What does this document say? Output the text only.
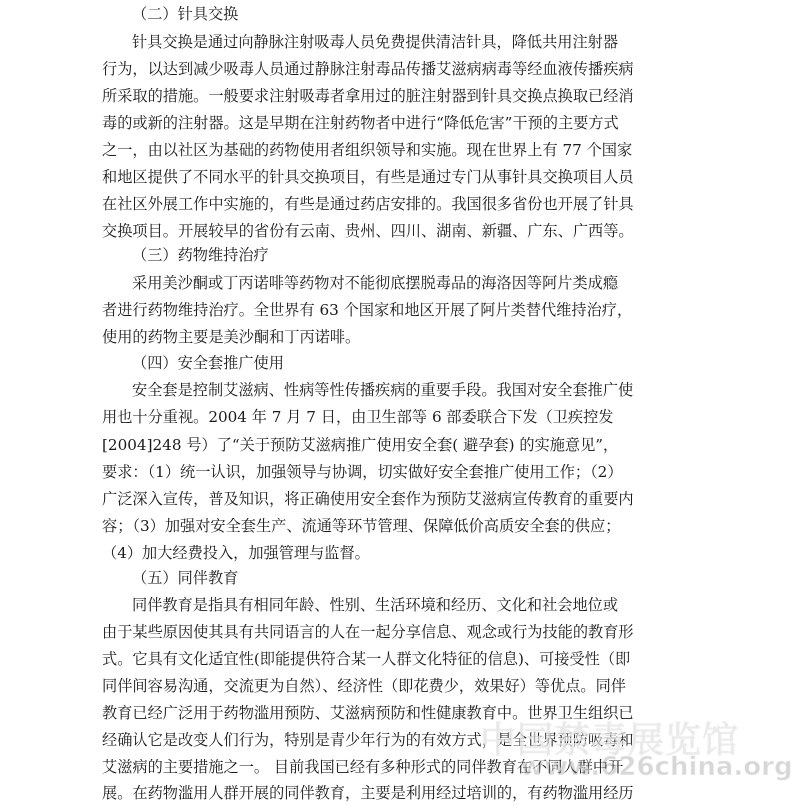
（二）针具交换
针具交换是通过向静脉注射吸毒人员免费提供清洁针具，降低共用注射器
行为，以达到减少吸毒人员通过静脉注射毒品传播艾滋病病毒等经血液传播疾病
所采取的措施。一般要求注射吸毒者拿用过的脏注射器到针具交换点换取已经消
毒的或新的注射器。这是早期在注射药物者中进行“降低危害”干预的主要方式
之一，由以社区为基础的药物使用者组织领导和实施。现在世界上有 77 个国家
和地区提供了不同水平的针具交换项目，有些是通过专门从事针具交换项目人员
在社区外展工作中实施的，有些是通过药店安排的。我国很多省份也开展了针具
交换项目。开展较早的省份有云南、贵州、四川、湖南、新疆、广东、广西等。
（三）药物维持治疗
采用美沙酮或丁丙诺啡等药物对不能彻底摆脱毒品的海洛因等阿片类成瘾
者进行药物维持治疗。全世界有 63 个国家和地区开展了阿片类替代维持治疗，
使用的药物主要是美沙酮和丁丙诺啡。
（四）安全套推广使用
安全套是控制艾滋病、性病等性传播疾病的重要手段。我国对安全套推广使
用也十分重视。2004 年 7 月 7 日，由卫生部等 6 部委联合下发（卫疾控发
[2004]248 号）了“关于预防艾滋病推广使用安全套( 避孕套) 的实施意见”，
要求：（1）统一认识，加强领导与协调，切实做好安全套推广使用工作；（2）
广泛深入宣传，普及知识，将正确使用安全套作为预防艾滋病宣传教育的重要内
容；（3）加强对安全套生产、流通等环节管理、保障低价高质安全套的供应；
（4）加大经费投入，加强管理与监督。
（五）同伴教育
同伴教育是指具有相同年龄、性别、生活环境和经历、文化和社会地位或
由于某些原因使其具有共同语言的人在一起分享信息、观念或行为技能的教育形
式。它具有文化适宜性(即能提供符合某一人群文化特征的信息)、可接受性（即
同伴间容易沟通，交流更为自然）、经济性（即花费少，效果好）等优点。同伴
教育已经广泛用于药物滥用预防、艾滋病预防和性健康教育中。世界卫生组织已
经确认它是改变人们行为，特别是青少年行为的有效方式，是全世界预防吸毒和
艾滋病的主要措施之一。 目前我国已经有多种形式的同伴教育在不同人群中开
展。在药物滥用人群开展的同伴教育，主要是利用经过培训的，有药物滥用经历
中国禁毒展览馆
www.626china.org
